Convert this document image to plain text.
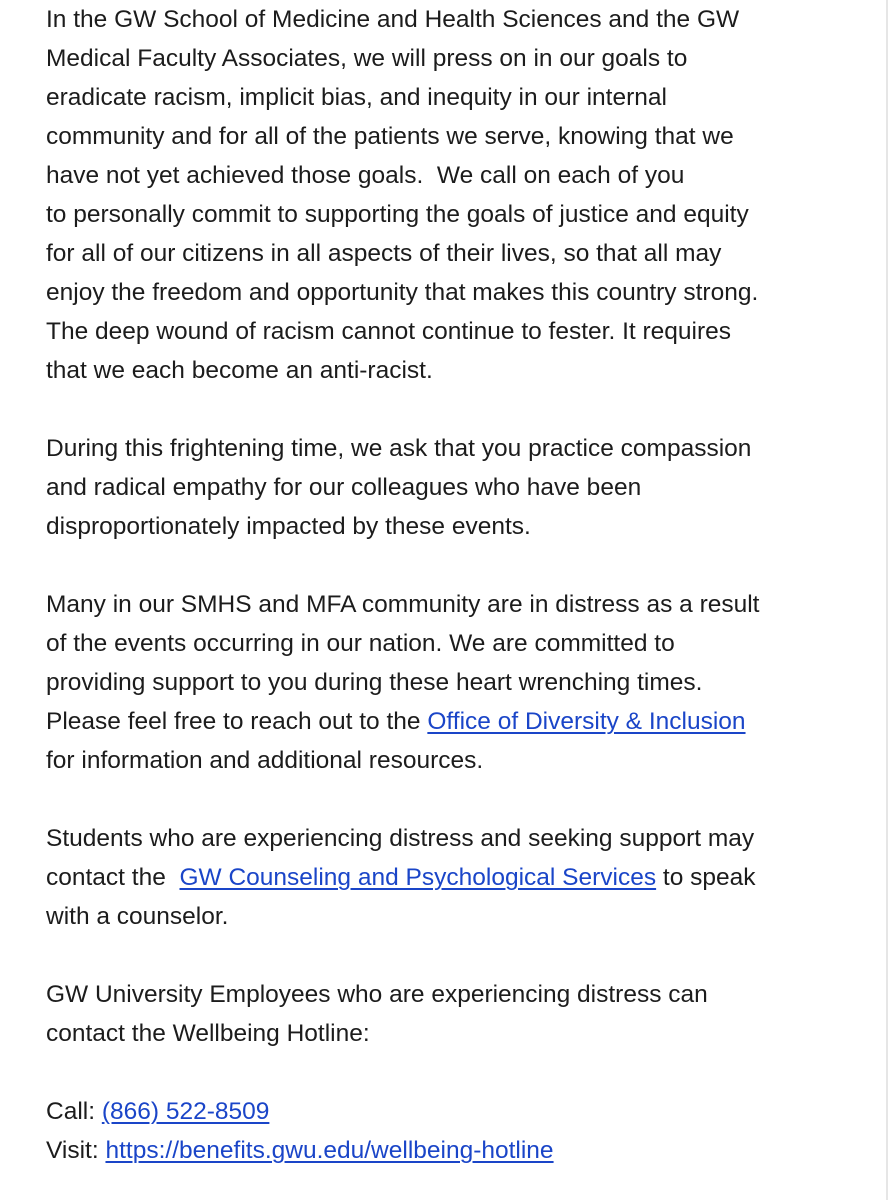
In the GW School of Medicine and Health Sciences and the GW
Medical Faculty Associates, we will press on in our goals to
eradicate racism, implicit bias, and inequity in our internal
community and for all of the patients we serve, knowing that we
have not yet achieved those goals.  We call on each of you
to personally commit to supporting the goals of justice and equity
for all of our citizens in all aspects of their lives, so that all may
enjoy the freedom and opportunity that makes this country strong.
The deep wound of racism cannot continue to fester. It requires
that we each become an anti-racist.

During this frightening time, we ask that you practice compassion
and radical empathy for our colleagues who have been
disproportionately impacted by these events.

Many in our SMHS and MFA community are in distress as a result
of the events occurring in our nation. We are committed to
providing support to you during these heart wrenching times.
Please feel free to reach out to the Office of Diversity & Inclusion
for information and additional resources.

Students who are experiencing distress and seeking support may
contact the  GW Counseling and Psychological Services to speak
with a counselor.

GW University Employees who are experiencing distress can
contact the Wellbeing Hotline:

Call: (866) 522-8509
Visit: https://benefits.gwu.edu/wellbeing-hotline
